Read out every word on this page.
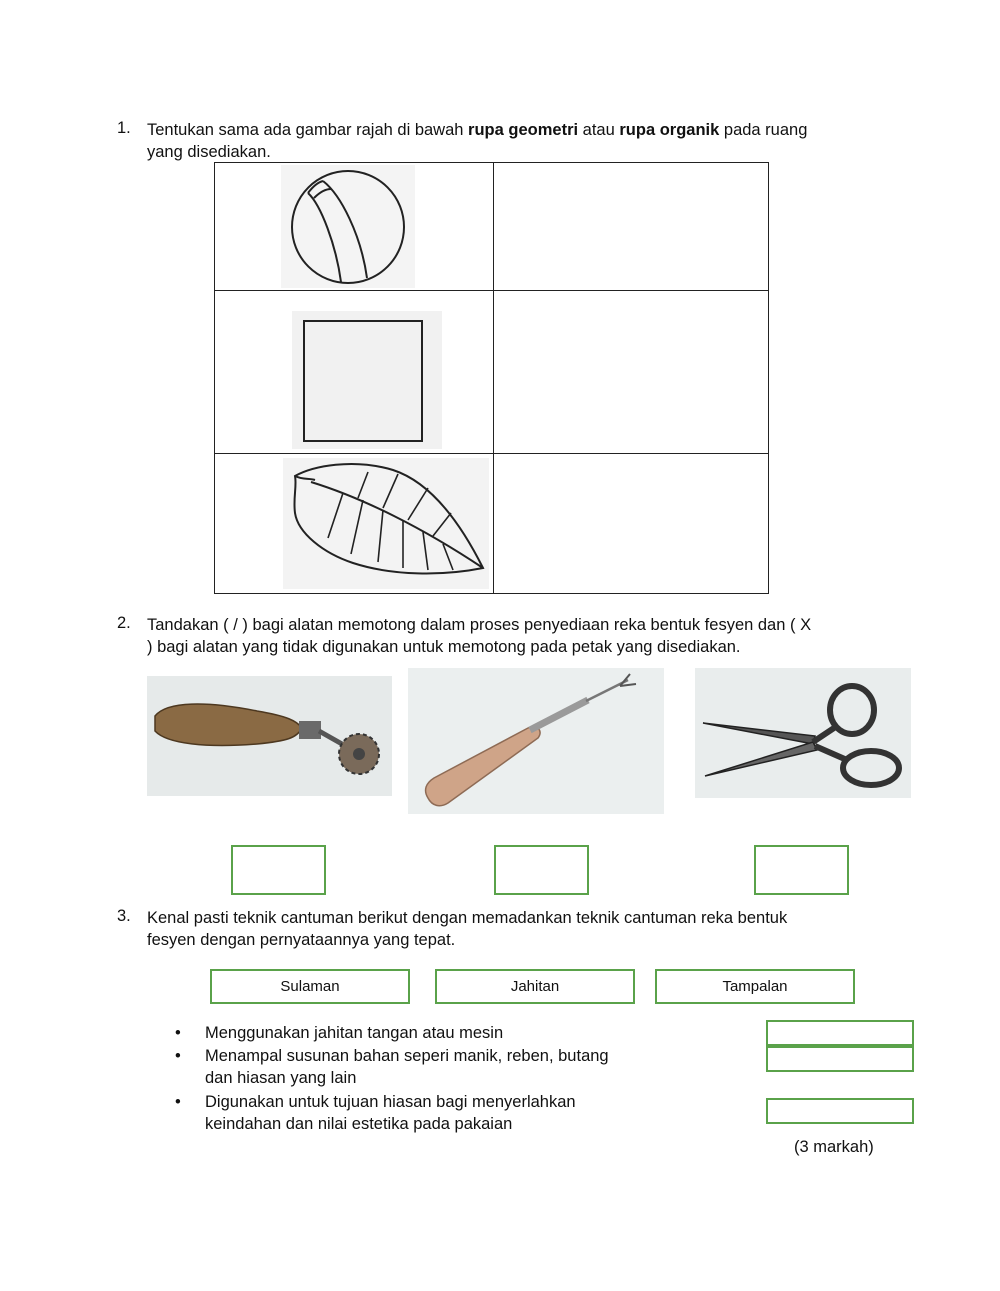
1. Tentukan sama ada gambar rajah di bawah rupa geometri atau rupa organik pada ruang
yang disediakan.

2. Tandakan ( / ) bagi alatan memotong dalam proses penyediaan reka bentuk fesyen dan ( X
) bagi alatan yang tidak digunakan untuk memotong pada petak yang disediakan.
3. Kenal pasti teknik cantuman berikut dengan memadankan teknik cantuman reka bentuk
fesyen dengan pernyataannya yang tepat.
Sulaman	Jahitan	Tampalan
• Menggunakan jahitan tangan atau mesin
• Menampal susunan bahan seperi manik, reben, butang
dan hiasan yang lain
• Digunakan untuk tujuan hiasan bagi menyerlahkan
keindahan dan nilai estetika pada pakaian
(3 markah)
